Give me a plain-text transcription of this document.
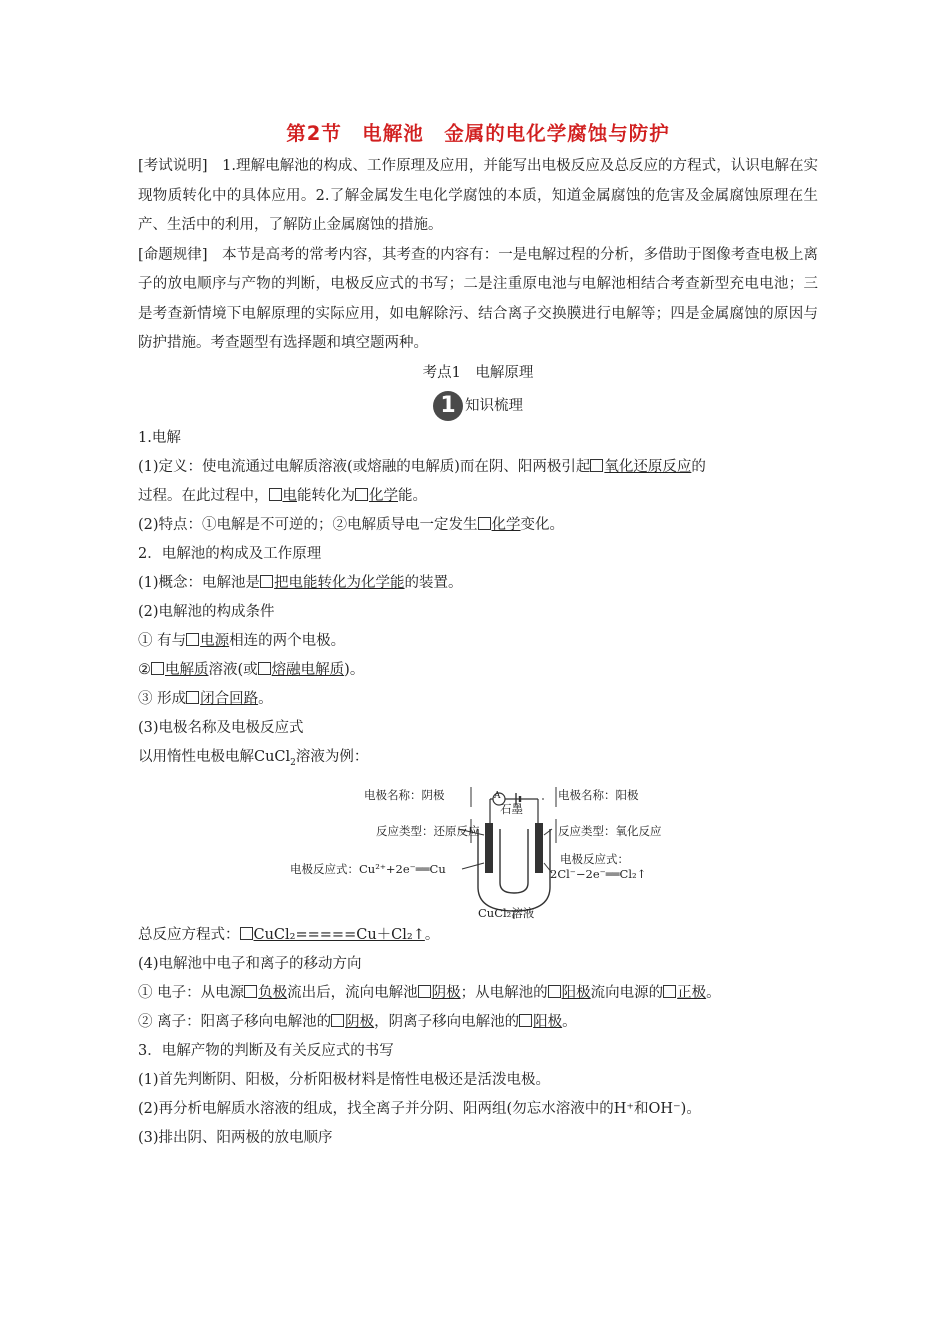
第2节　电解池　金属的电化学腐蚀与防护
[考试说明]　1.理解电解池的构成、工作原理及应用，并能写出电极反应及总反应的方程式，认识电解在实现物质转化中的具体应用。2.了解金属发生电化学腐蚀的本质，知道金属腐蚀的危害及金属腐蚀原理在生产、生活中的利用，了解防止金属腐蚀的措施。
[命题规律]　本节是高考的常考内容，其考查的内容有：一是电解过程的分析，多借助于图像考查电极上离子的放电顺序与产物的判断，电极反应式的书写；二是注重原电池与电解池相结合考查新型充电电池；三是考查新情境下电解原理的实际应用，如电解除污、结合离子交换膜进行电解等；四是金属腐蚀的原因与防护措施。考查题型有选择题和填空题两种。
考点1　电解原理
1 知识梳理
1.电解
(1)定义：使电流通过电解质溶液(或熔融的电解质)而在阴、阳两极引起 氧化还原反应的
过程。在此过程中， 电能转化为 化学能。
(2)特点：①电解是不可逆的；②电解质导电一定发生 化学变化。
2．电解池的构成及工作原理
(1)概念：电解池是 把电能转化为化学能的装置。
(2)电解池的构成条件
① 有与 电源相连的两个电极。
② 电解质溶液(或 熔融电解质)。
③ 形成 闭合回路。
(3)电极名称及电极反应式
以用惰性电极电解CuCl$_2$溶液为例：
电极名称：阴极
反应类型：还原反应
电极反应式：Cu²⁺+2e⁻══Cu
A
石墨
电极名称：阳极
反应类型：氧化反应
电极反应式：
2Cl⁻−2e⁻══Cl₂↑
CuCl₂溶液
总反应方程式： CuCl₂=====Cu＋Cl₂↑。
(4)电解池中电子和离子的移动方向
① 电子：从电源 负极流出后，流向电解池 阴极；从电解池的 阳极流向电源的 正极。
② 离子：阳离子移向电解池的 阴极，阴离子移向电解池的 阳极。
3．电解产物的判断及有关反应式的书写
(1)首先判断阴、阳极，分析阳极材料是惰性电极还是活泼电极。
(2)再分析电解质水溶液的组成，找全离子并分阴、阳两组(勿忘水溶液中的H⁺和OH⁻)。
(3)排出阴、阳两极的放电顺序
